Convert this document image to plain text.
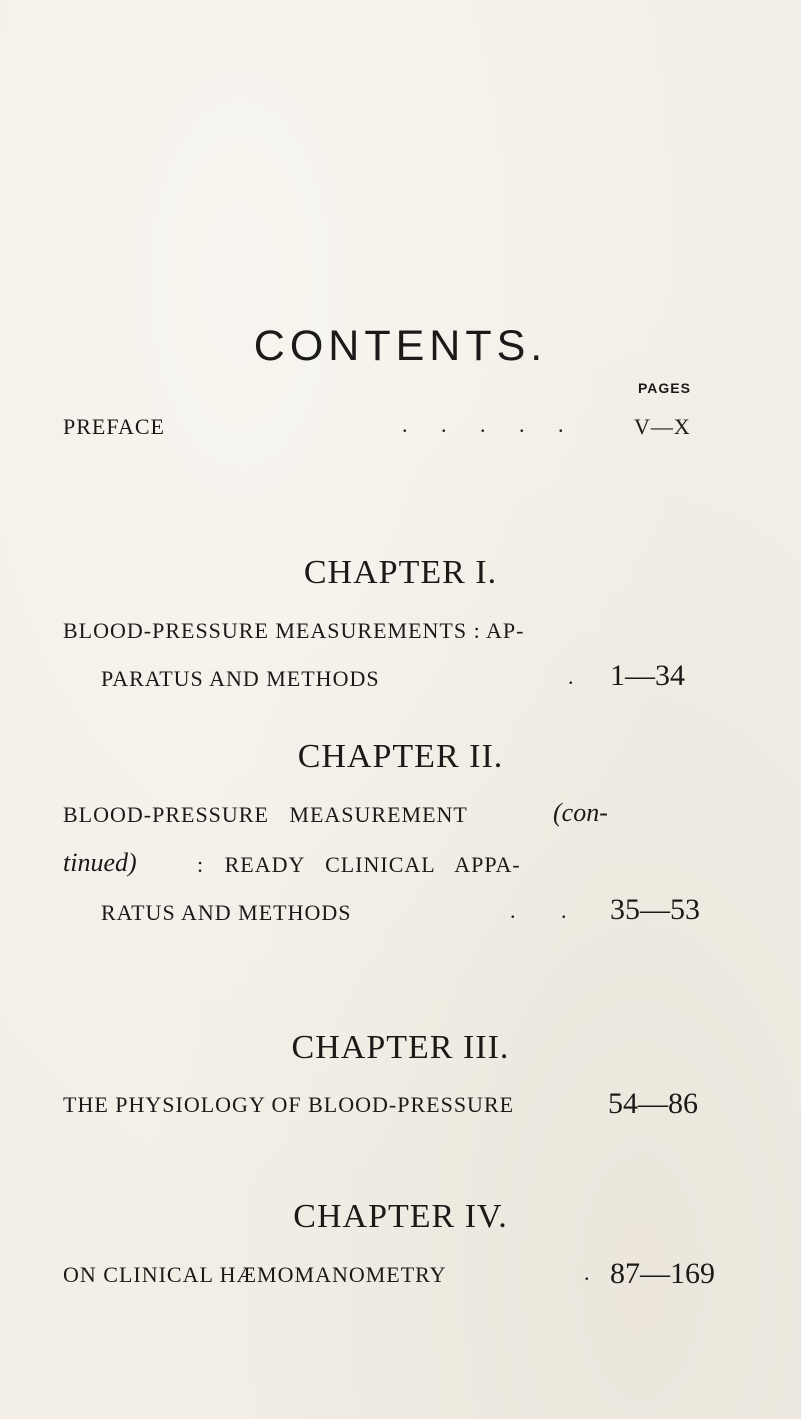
CONTENTS.
PAGES
PREFACE	. . . . .	V—X
CHAPTER I.
BLOOD-PRESSURE MEASUREMENTS : AP-
PARATUS AND METHODS	. 1—34
CHAPTER II.
BLOOD-PRESSURE MEASUREMENT	(con-
tinued)	: READY CLINICAL APPA-
RATUS AND METHODS	. . 35—53
CHAPTER III.
THE PHYSIOLOGY OF BLOOD-PRESSURE	54—86
CHAPTER IV.
ON CLINICAL HÆMOMANOMETRY	. 87—169
